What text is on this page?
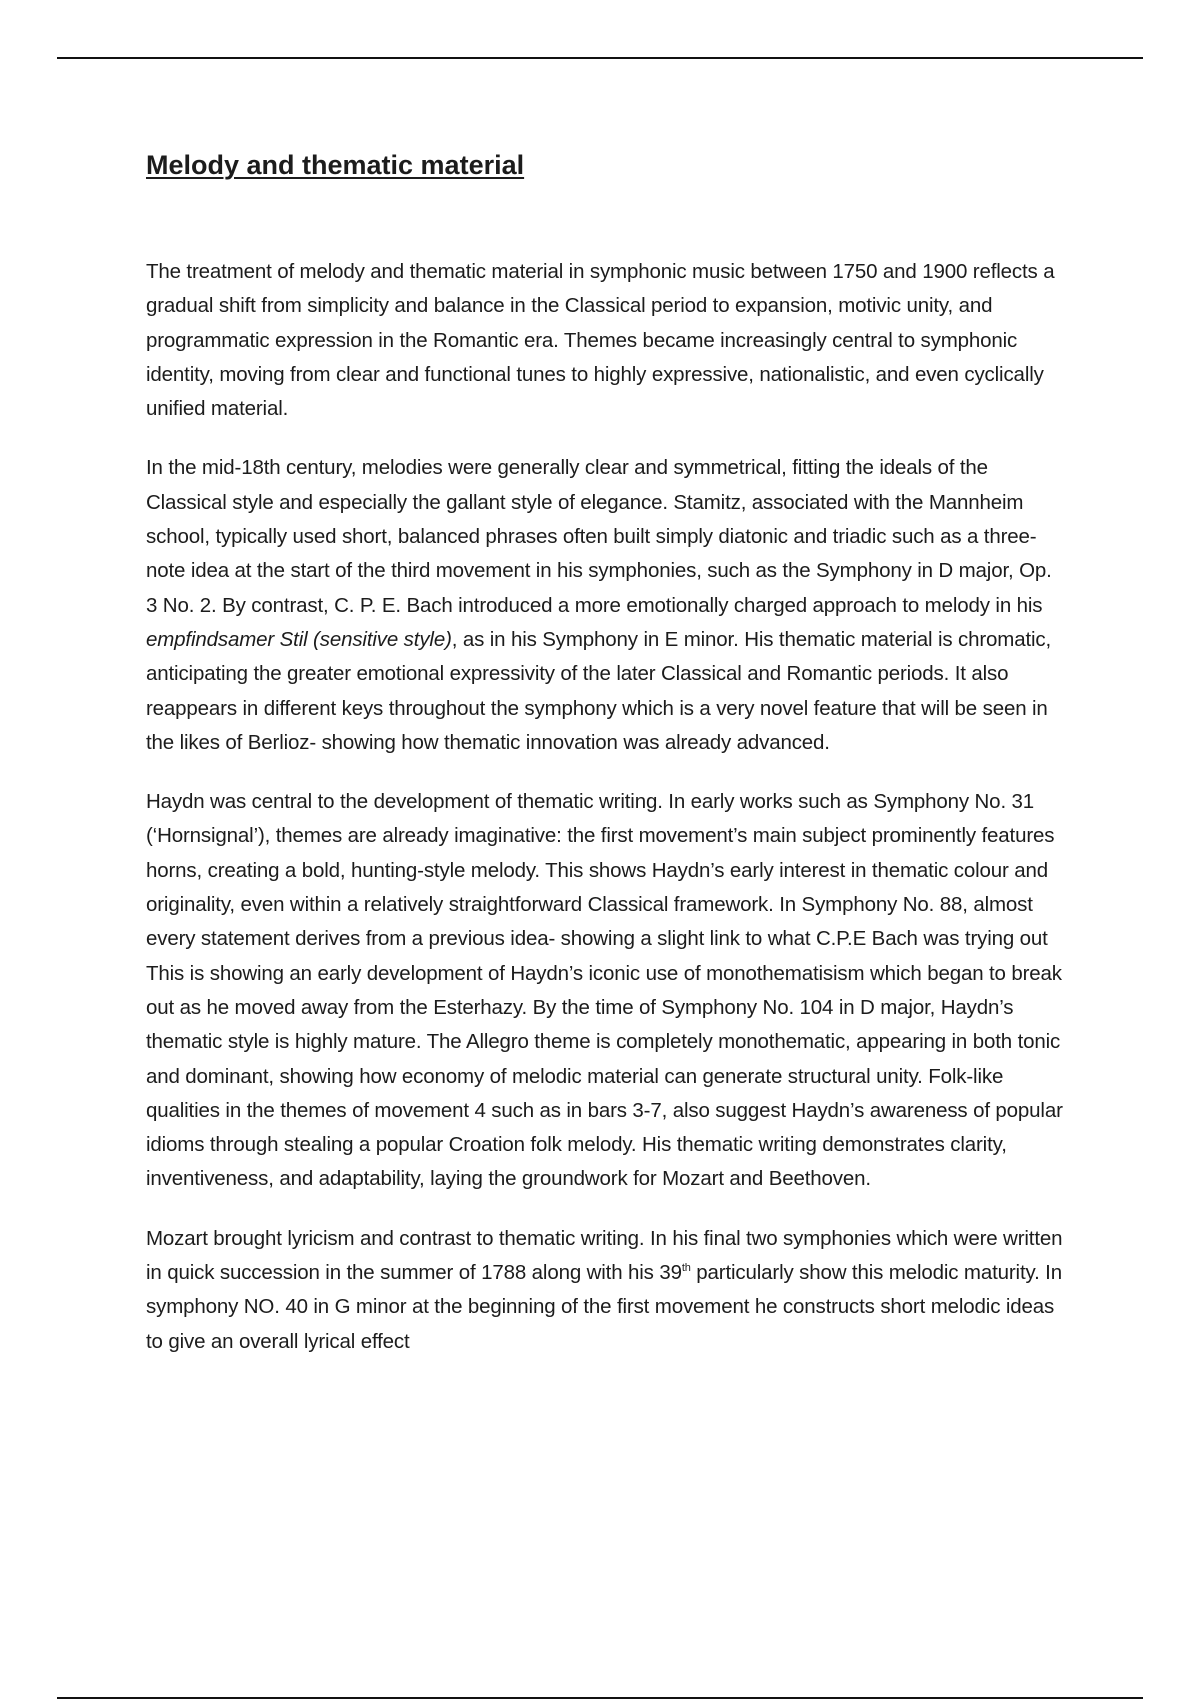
Melody and thematic material

The treatment of melody and thematic material in symphonic music between 1750 and 1900 reflects a gradual shift from simplicity and balance in the Classical period to expansion, motivic unity, and programmatic expression in the Romantic era. Themes became increasingly central to symphonic identity, moving from clear and functional tunes to highly expressive, nationalistic, and even cyclically unified material.

In the mid-18th century, melodies were generally clear and symmetrical, fitting the ideals of the Classical style and especially the gallant style of elegance. Stamitz, associated with the Mannheim school, typically used short, balanced phrases often built simply diatonic and triadic such as a three-note idea at the start of the third movement in his symphonies, such as the Symphony in D major, Op. 3 No. 2. By contrast, C. P. E. Bach introduced a more emotionally charged approach to melody in his empfindsamer Stil (sensitive style), as in his Symphony in E minor. His thematic material is chromatic, anticipating the greater emotional expressivity of the later Classical and Romantic periods. It also reappears in different keys throughout the symphony which is a very novel feature that will be seen in the likes of Berlioz- showing how thematic innovation was already advanced.

Haydn was central to the development of thematic writing. In early works such as Symphony No. 31 (‘Hornsignal’), themes are already imaginative: the first movement’s main subject prominently features horns, creating a bold, hunting-style melody. This shows Haydn’s early interest in thematic colour and originality, even within a relatively straightforward Classical framework. In Symphony No. 88, almost every statement derives from a previous idea- showing a slight link to what C.P.E Bach was trying out This is showing an early development of Haydn’s iconic use of monothematisism which began to break out as he moved away from the Esterhazy. By the time of Symphony No. 104 in D major, Haydn’s thematic style is highly mature. The Allegro theme is completely monothematic, appearing in both tonic and dominant, showing how economy of melodic material can generate structural unity. Folk-like qualities in the themes of movement 4 such as in bars 3-7, also suggest Haydn’s awareness of popular idioms through stealing a popular Croation folk melody. His thematic writing demonstrates clarity, inventiveness, and adaptability, laying the groundwork for Mozart and Beethoven.

Mozart brought lyricism and contrast to thematic writing. In his final two symphonies which were written in quick succession in the summer of 1788 along with his 39th particularly show this melodic maturity. In symphony NO. 40 in G minor at the beginning of the first movement he constructs short melodic ideas to give an overall lyrical effect
